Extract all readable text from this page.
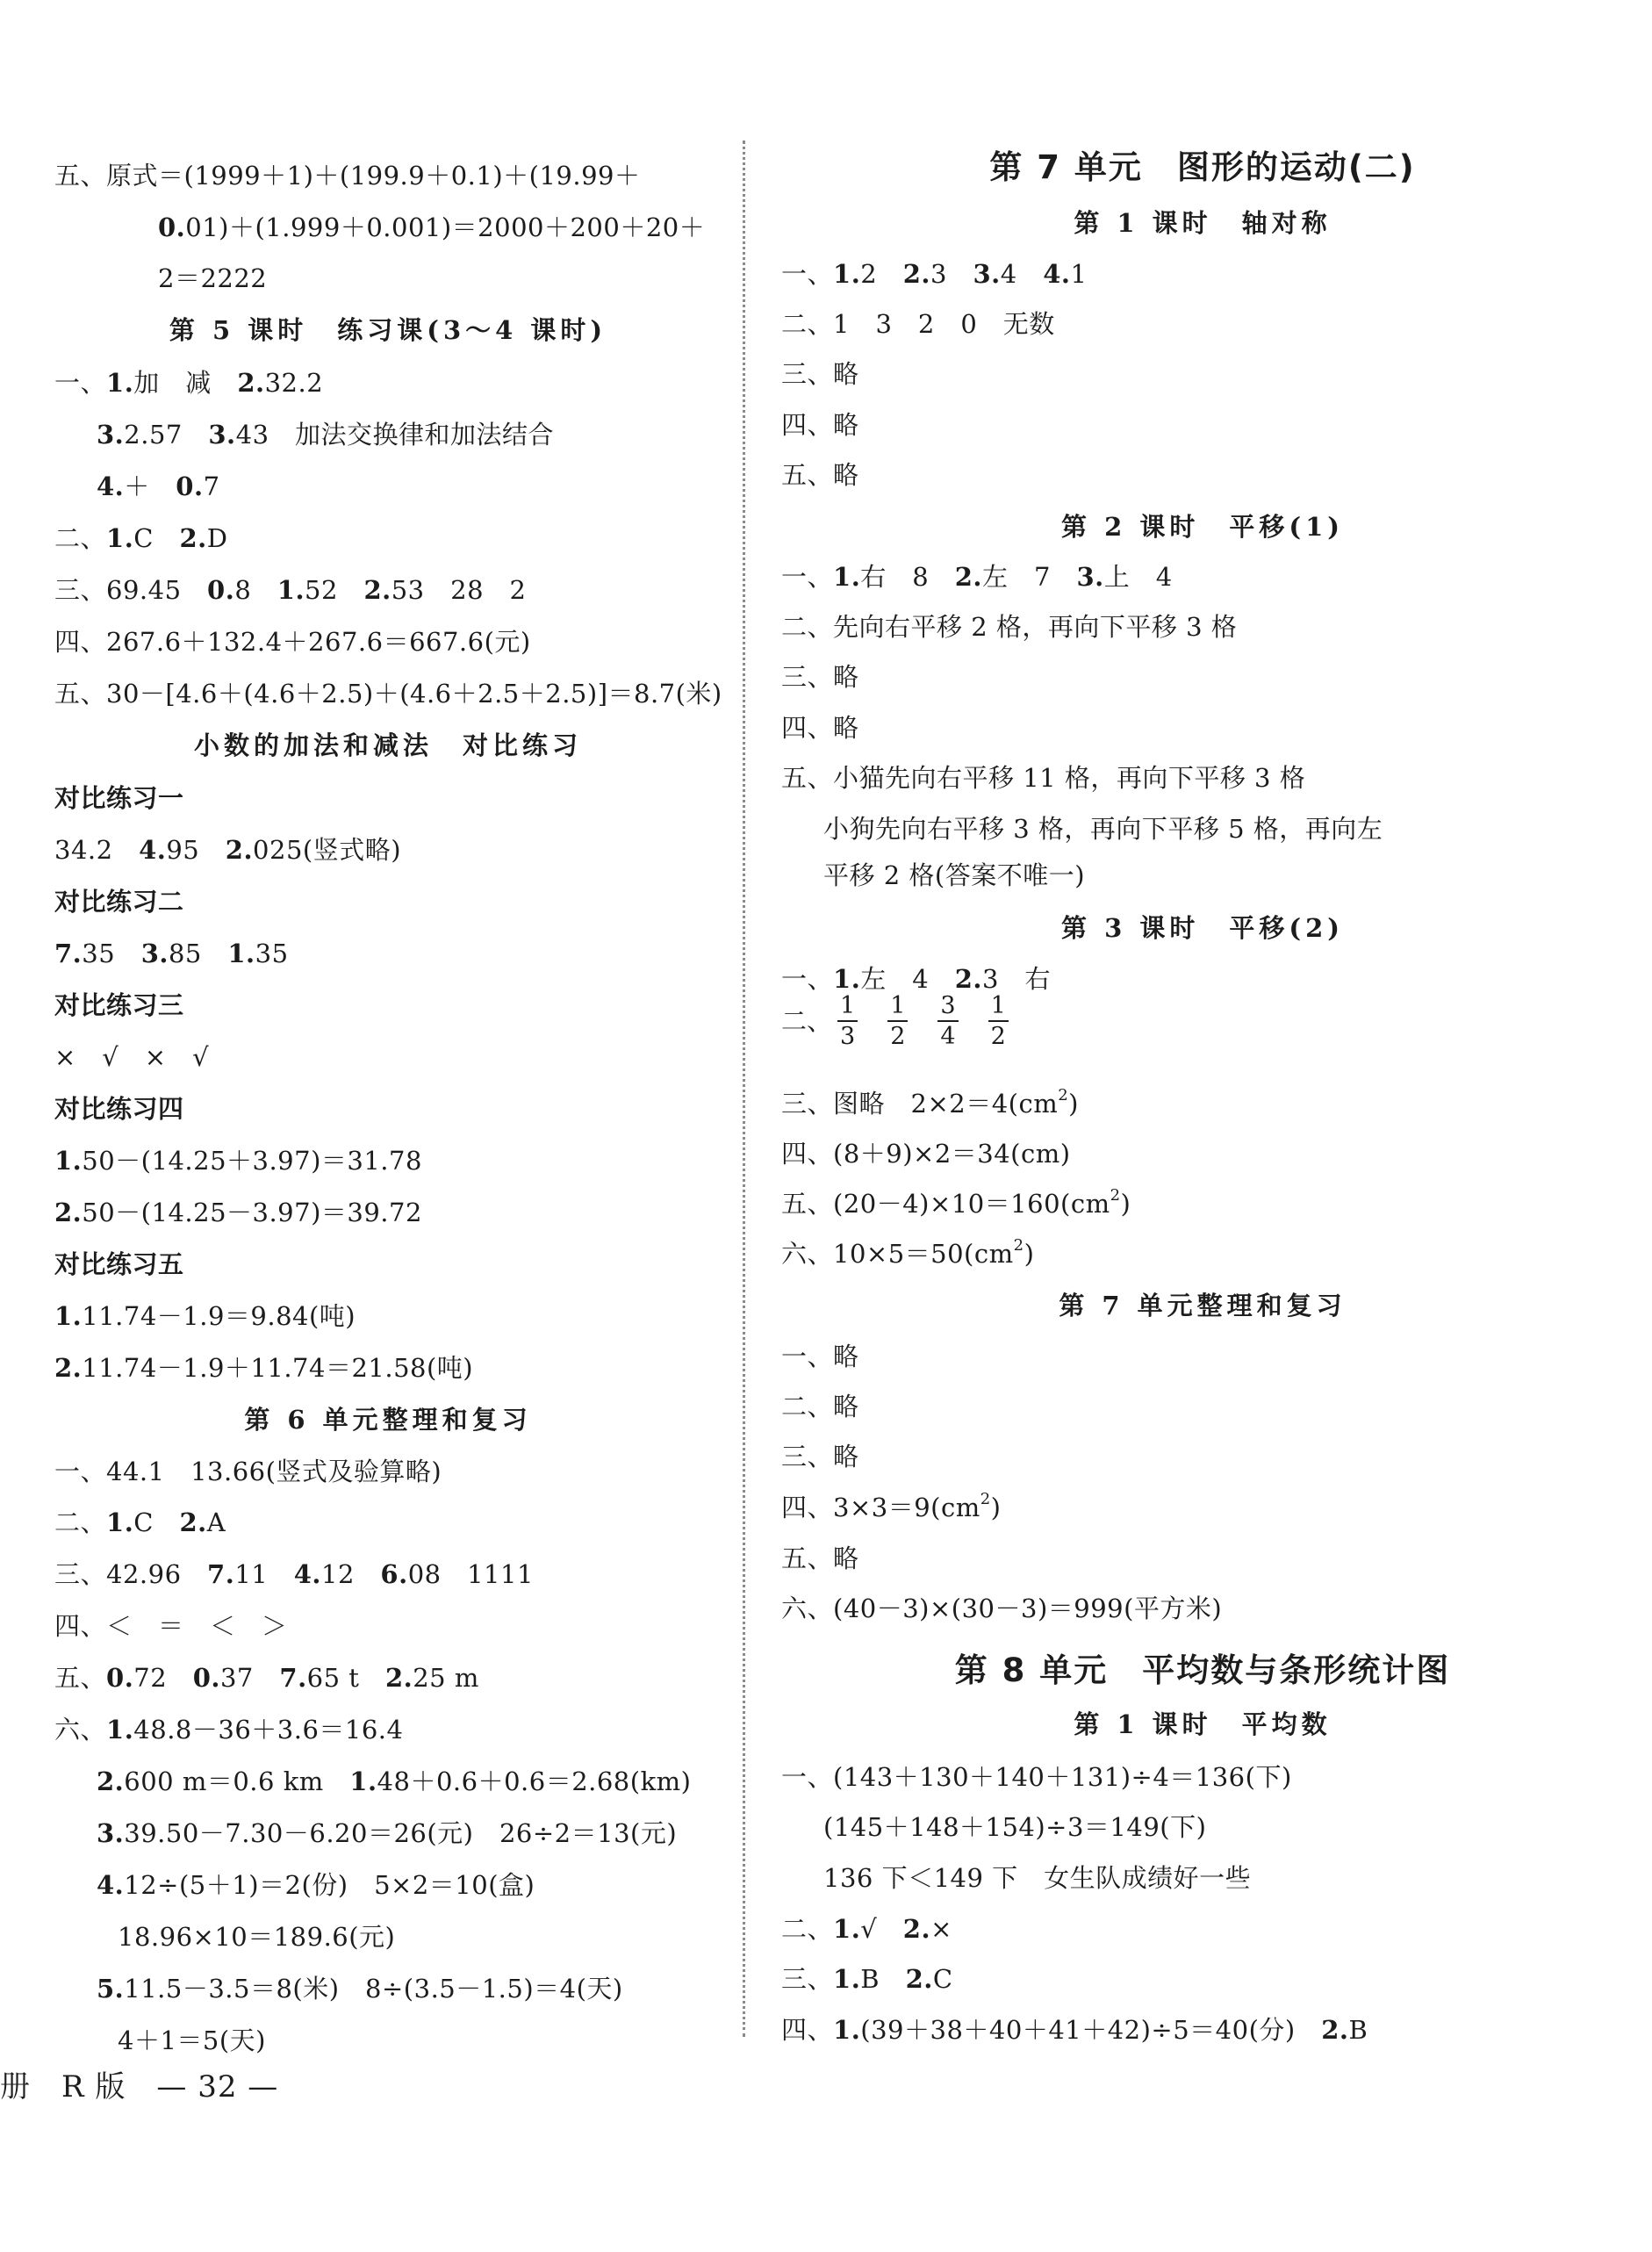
五、原式＝(1999＋1)＋(199.9＋0.1)＋(19.99＋
0.01)＋(1.999＋0.001)＝2000＋200＋20＋
2＝2222
第 5 课时　练习课(3～4 课时)
一、1.加　减　2.32.2
3.2.57　3.43　加法交换律和加法结合
4.＋　0.7
二、1.C　2.D
三、69.45　0.8　1.52　2.53　28　2
四、267.6＋132.4＋267.6＝667.6(元)
五、30－[4.6＋(4.6＋2.5)＋(4.6＋2.5＋2.5)]＝8.7(米)
小数的加法和减法　对比练习
对比练习一
34.2　4.95　2.025(竖式略)
对比练习二
7.35　3.85　1.35
对比练习三
×　√　×　√
对比练习四
1.50－(14.25＋3.97)＝31.78
2.50－(14.25－3.97)＝39.72
对比练习五
1.11.74－1.9＝9.84(吨)
2.11.74－1.9＋11.74＝21.58(吨)
第 6 单元整理和复习
一、44.1　13.66(竖式及验算略)
二、1.C　2.A
三、42.96　7.11　4.12　6.08　1111
四、＜　＝　＜　＞
五、0.72　0.37　7.65 t　2.25 m
六、1.48.8－36＋3.6＝16.4
2.600 m＝0.6 km　1.48＋0.6＋0.6＝2.68(km)
3.39.50－7.30－6.20＝26(元)　26÷2＝13(元)
4.12÷(5＋1)＝2(份)　5×2＝10(盒)
18.96×10＝189.6(元)
5.11.5－3.5＝8(米)　8÷(3.5－1.5)＝4(天)
4＋1＝5(天)
第 7 单元　图形的运动(二)
第 1 课时　轴对称
一、1.2　2.3　3.4　4.1
二、1　3　2　0　无数
三、略
四、略
五、略
第 2 课时　平移(1)
一、1.右　8　2.左　7　3.上　4
二、先向右平移 2 格，再向下平移 3 格
三、略
四、略
五、小猫先向右平移 11 格，再向下平移 3 格
小狗先向右平移 3 格，再向下平移 5 格，再向左
平移 2 格(答案不唯一)
第 3 课时　平移(2)
一、1.左　4　2.3　右
二、 $\frac{1}{3} \frac{1}{2} \frac{3}{4} \frac{1}{2}$
三、图略　$2\times 2=4(cm^2)$
四、(8＋9)×2＝34(cm)
五、$(20-4)\times 10=160(cm^2)$
六、$10\times 5=50(cm^2)$
第 7 单元整理和复习
一、略
二、略
三、略
四、$3\times 3=9(cm^2)$
五、略
六、(40－3)×(30－3)＝999(平方米)
第 8 单元　平均数与条形统计图
第 1 课时　平均数
一、(143＋130＋140＋131)÷4＝136(下)
(145＋148＋154)÷3＝149(下)
136 下＜149 下　女生队成绩好一些
二、1.√　2.×
三、1.B　2.C
四、1.(39＋38＋40＋41＋42)÷5＝40(分)　2.B
册　R 版　— 32 —
